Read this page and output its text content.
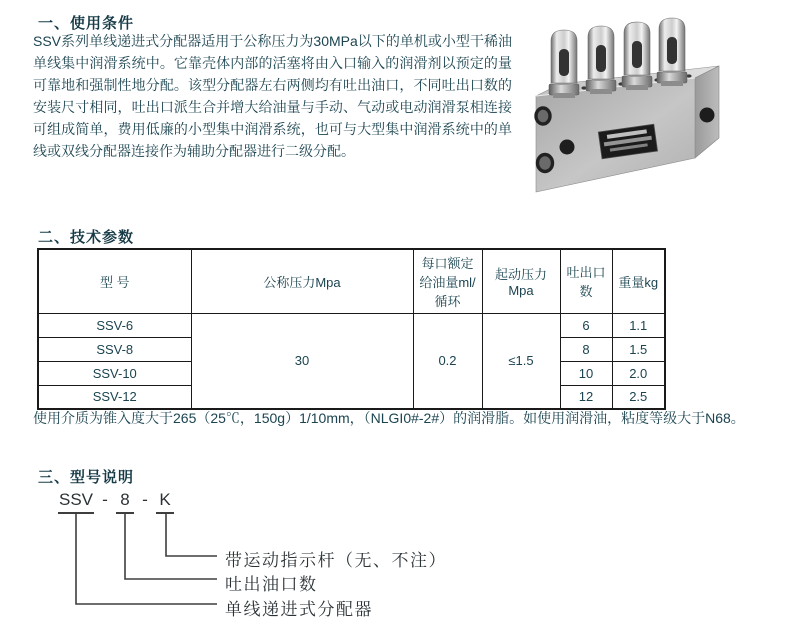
一、使用条件
SSV系列单线递进式分配器适用于公称压力为30MPa以下的单机或小型干稀油单线集中润滑系统中。它靠壳体内部的活塞将由入口输入的润滑剂以预定的量可靠地和强制性地分配。该型分配器左右两侧均有吐出油口，不同吐出口数的安装尺寸相同，吐出口派生合并增大给油量与手动、气动或电动润滑泵相连接可组成简单，费用低廉的小型集中润滑系统，也可与大型集中润滑系统中的单线或双线分配器连接作为辅助分配器进行二级分配。
二、技术参数
型 号	公称压力Mpa	每口额定给油量ml/循环	起动压力Mpa	吐出口数	重量kg
SSV-6	30	0.2	≤1.5	6	1.1
SSV-8				8	1.5
SSV-10				10	2.0
SSV-12				12	2.5
使用介质为锥入度大于265（25℃，150g）1/10mm，（NLGI0#-2#）的润滑脂。如使用润滑油，粘度等级大于N68。
三、型号说明
SSV - 8 - K
带运动指示杆（无、不注）
吐出油口数
单线递进式分配器
